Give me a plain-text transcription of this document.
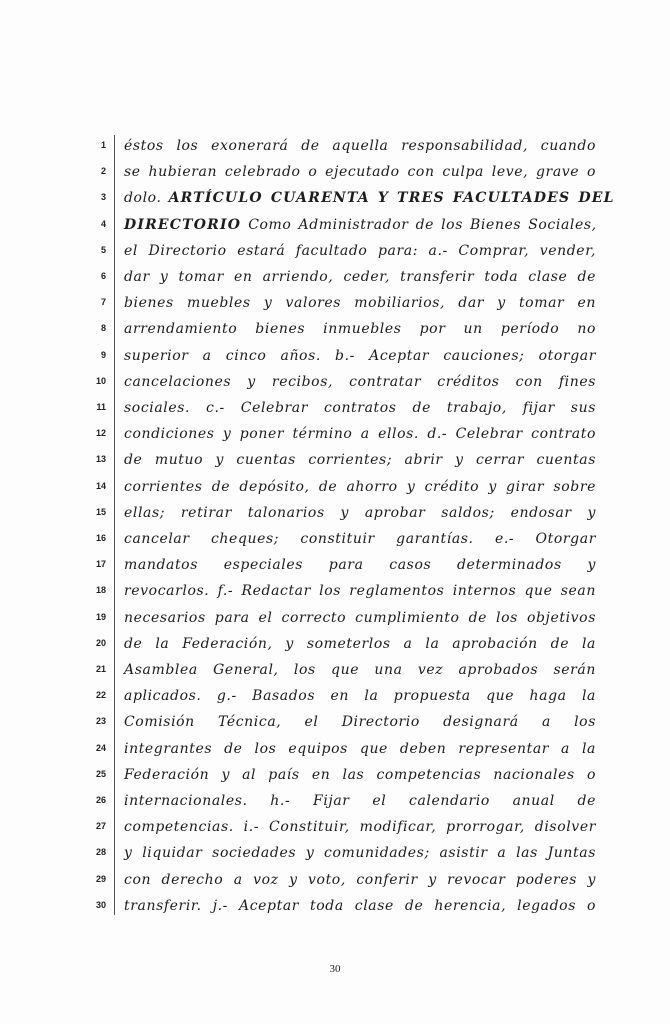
1
2
3
4
5
6
7
8
9
10
11
12
13
14
15
16
17
18
19
20
21
22
23
24
25
26
27
28
29
30
éstos los exonerará de aquella responsabilidad, cuando
se hubieran celebrado o ejecutado con culpa leve, grave o
dolo. ARTÍCULO CUARENTA Y TRES FACULTADES DEL
DIRECTORIO Como Administrador de los Bienes Sociales,
el Directorio estará facultado para: a.- Comprar, vender,
dar y tomar en arriendo, ceder, transferir toda clase de
bienes muebles y valores mobiliarios, dar y tomar en
arrendamiento bienes inmuebles por un período no
superior a cinco años. b.- Aceptar cauciones; otorgar
cancelaciones y recibos, contratar créditos con fines
sociales. c.- Celebrar contratos de trabajo, fijar sus
condiciones y poner término a ellos. d.- Celebrar contrato
de mutuo y cuentas corrientes; abrir y cerrar cuentas
corrientes de depósito, de ahorro y crédito y girar sobre
ellas; retirar talonarios y aprobar saldos; endosar y
cancelar cheques; constituir garantías. e.- Otorgar
mandatos especiales para casos determinados y
revocarlos. f.- Redactar los reglamentos internos que sean
necesarios para el correcto cumplimiento de los objetivos
de la Federación, y someterlos a la aprobación de la
Asamblea General, los que una vez aprobados serán
aplicados. g.- Basados en la propuesta que haga la
Comisión Técnica, el Directorio designará a los
integrantes de los equipos que deben representar a la
Federación y al país en las competencias nacionales o
internacionales. h.- Fijar el calendario anual de
competencias. i.- Constituir, modificar, prorrogar, disolver
y liquidar sociedades y comunidades; asistir a las Juntas
con derecho a voz y voto, conferir y revocar poderes y
transferir. j.- Aceptar toda clase de herencia, legados o
30
